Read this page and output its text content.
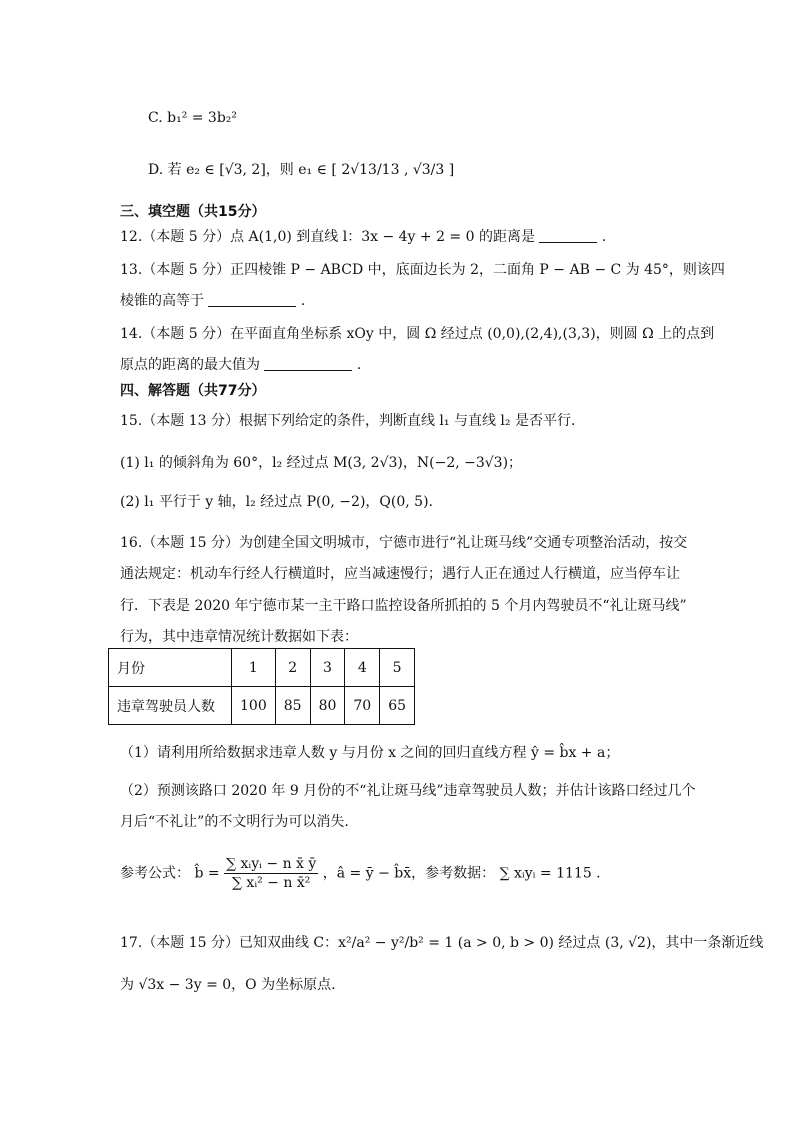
C. b₁² = 3b₂²
D. 若 e₂ ∈ [√3, 2]，则 e₁ ∈ [ 2√13/13 , √3/3 ]
三、填空题（共15分）
12.（本题 5 分）点 A(1,0) 到直线 l：3x − 4y + 2 = 0 的距离是	.
13.（本题 5 分）正四棱锥 P − ABCD 中，底面边长为 2，二面角 P − AB − C 为 45°，则该四
棱锥的高等于	.
14.（本题 5 分）在平面直角坐标系 xOy 中，圆 Ω 经过点 (0,0),(2,4),(3,3)，则圆 Ω 上的点到
原点的距离的最大值为	.
四、解答题（共77分）
15.（本题 13 分）根据下列给定的条件，判断直线 l₁ 与直线 l₂ 是否平行.
(1) l₁ 的倾斜角为 60°，l₂ 经过点 M(3, 2√3)，N(−2, −3√3)；
(2) l₁ 平行于 y 轴，l₂ 经过点 P(0, −2)，Q(0, 5).
16.（本题 15 分）为创建全国文明城市，宁德市进行“礼让斑马线”交通专项整治活动，按交
通法规定：机动车行经人行横道时，应当减速慢行；遇行人正在通过人行横道，应当停车让
行．下表是 2020 年宁德市某一主干路口监控设备所抓拍的 5 个月内驾驶员不“礼让斑马线”
行为，其中违章情况统计数据如下表：
月份	1	2	3	4	5
违章驾驶员人数	100	85	80	70	65
（1）请利用所给数据求违章人数 y 与月份 x 之间的回归直线方程 ŷ = b̂x + a；
（2）预测该路口 2020 年 9 月份的不“礼让斑马线”违章驾驶员人数；并估计该路口经过几个
月后“不礼让”的不文明行为可以消失.
参考公式： b̂ = $\frac{\text{∑ xᵢyᵢ − n x̄ ȳ}}{\text{∑ xᵢ² − n x̄²}}$ ，â = ȳ − b̂x̄，参考数据： ∑ xᵢyᵢ = 1115 .
17.（本题 15 分）已知双曲线 C：x²/a² − y²/b² = 1 (a > 0, b > 0) 经过点 (3, √2)，其中一条渐近线
为 √3x − 3y = 0，O 为坐标原点.
